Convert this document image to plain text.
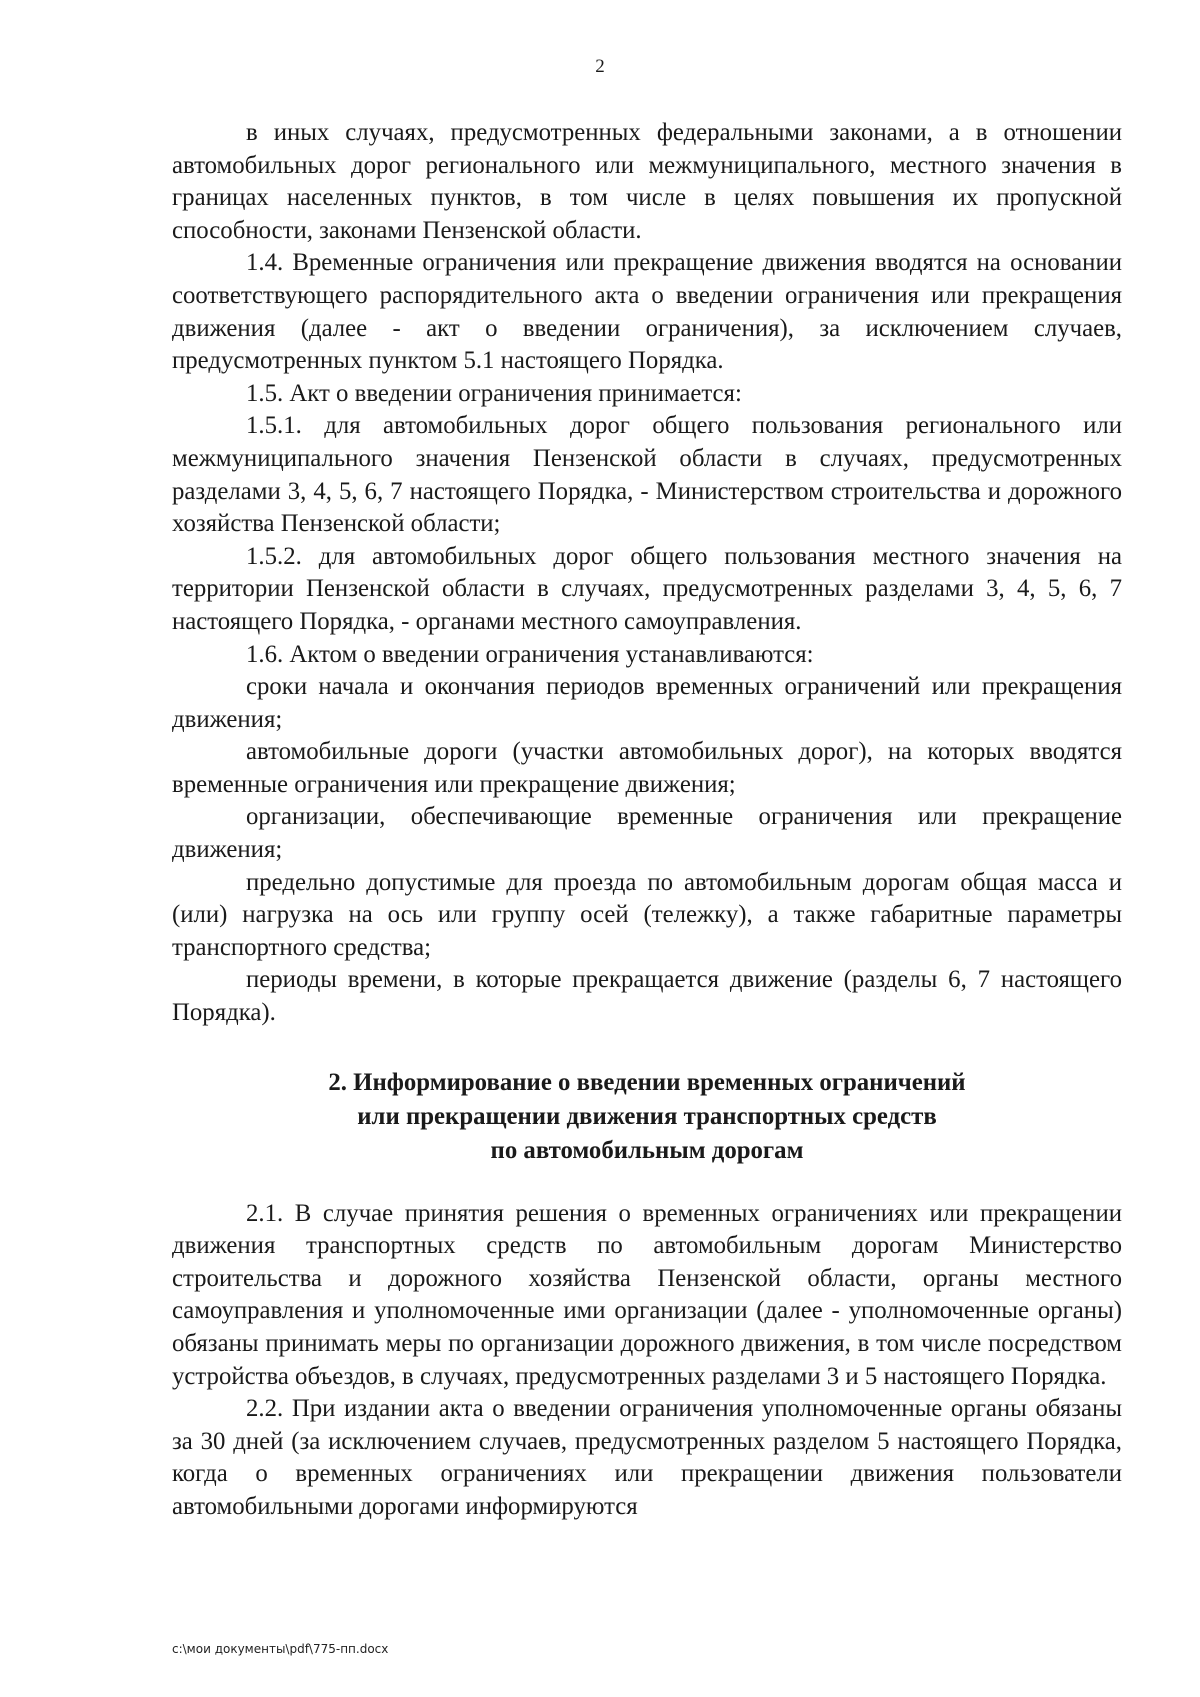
2

в иных случаях, предусмотренных федеральными законами, а в отношении автомобильных дорог регионального или межмуниципального, местного значения в границах населенных пунктов, в том числе в целях повышения их пропускной способности, законами Пензенской области.

1.4. Временные ограничения или прекращение движения вводятся на основании соответствующего распорядительного акта о введении ограничения или прекращения движения (далее - акт о введении ограничения), за исключением случаев, предусмотренных пунктом 5.1 настоящего Порядка.

1.5. Акт о введении ограничения принимается:

1.5.1. для автомобильных дорог общего пользования регионального или межмуниципального значения Пензенской области в случаях, предусмотренных разделами 3, 4, 5, 6, 7 настоящего Порядка, - Министерством строительства и дорожного хозяйства Пензенской области;

1.5.2. для автомобильных дорог общего пользования местного значения на территории Пензенской области в случаях, предусмотренных разделами 3, 4, 5, 6, 7 настоящего Порядка, - органами местного самоуправления.

1.6. Актом о введении ограничения устанавливаются:

сроки начала и окончания периодов временных ограничений или прекращения движения;

автомобильные дороги (участки автомобильных дорог), на которых вводятся временные ограничения или прекращение движения;

организации, обеспечивающие временные ограничения или прекращение движения;

предельно допустимые для проезда по автомобильным дорогам общая масса и (или) нагрузка на ось или группу осей (тележку), а также габаритные параметры транспортного средства;

периоды времени, в которые прекращается движение (разделы 6, 7 настоящего Порядка).

2. Информирование о введении временных ограничений
или прекращении движения транспортных средств
по автомобильным дорогам

2.1. В случае принятия решения о временных ограничениях или прекращении движения транспортных средств по автомобильным дорогам Министерство строительства и дорожного хозяйства Пензенской области, органы местного самоуправления и уполномоченные ими организации (далее - уполномоченные органы) обязаны принимать меры по организации дорожного движения, в том числе посредством устройства объездов, в случаях, предусмотренных разделами 3 и 5 настоящего Порядка.

2.2. При издании акта о введении ограничения уполномоченные органы обязаны за 30 дней (за исключением случаев, предусмотренных разделом 5 настоящего Порядка, когда о временных ограничениях или прекращении движения пользователи автомобильными дорогами информируются

c:\мои документы\pdf\775-пп.docx
